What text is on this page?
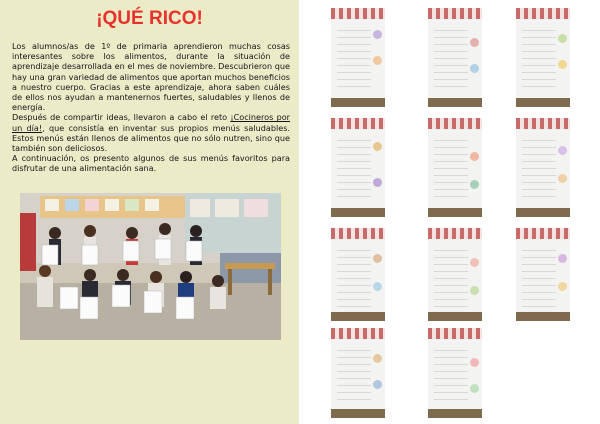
¡QUÉ RICO!

Los alumnos/as de 1º de primaria aprendieron muchas cosas interesantes sobre los alimentos, durante la situación de aprendizaje desarrollada en el mes de noviembre. Descubrieron que hay una gran variedad de alimentos que aportan muchos beneficios a nuestro cuerpo. Gracias a este aprendizaje, ahora saben cuáles de ellos nos ayudan a mantenernos fuertes, saludables y llenos de energía.

Después de compartir ideas, llevaron a cabo el reto ¡Cocineros por un día!, que consistía en inventar sus propios menús saludables. Estos menús están llenos de alimentos que no sólo nutren, sino que también son deliciosos.

A continuación, os presento algunos de sus menús favoritos para disfrutar de una alimentación sana.
